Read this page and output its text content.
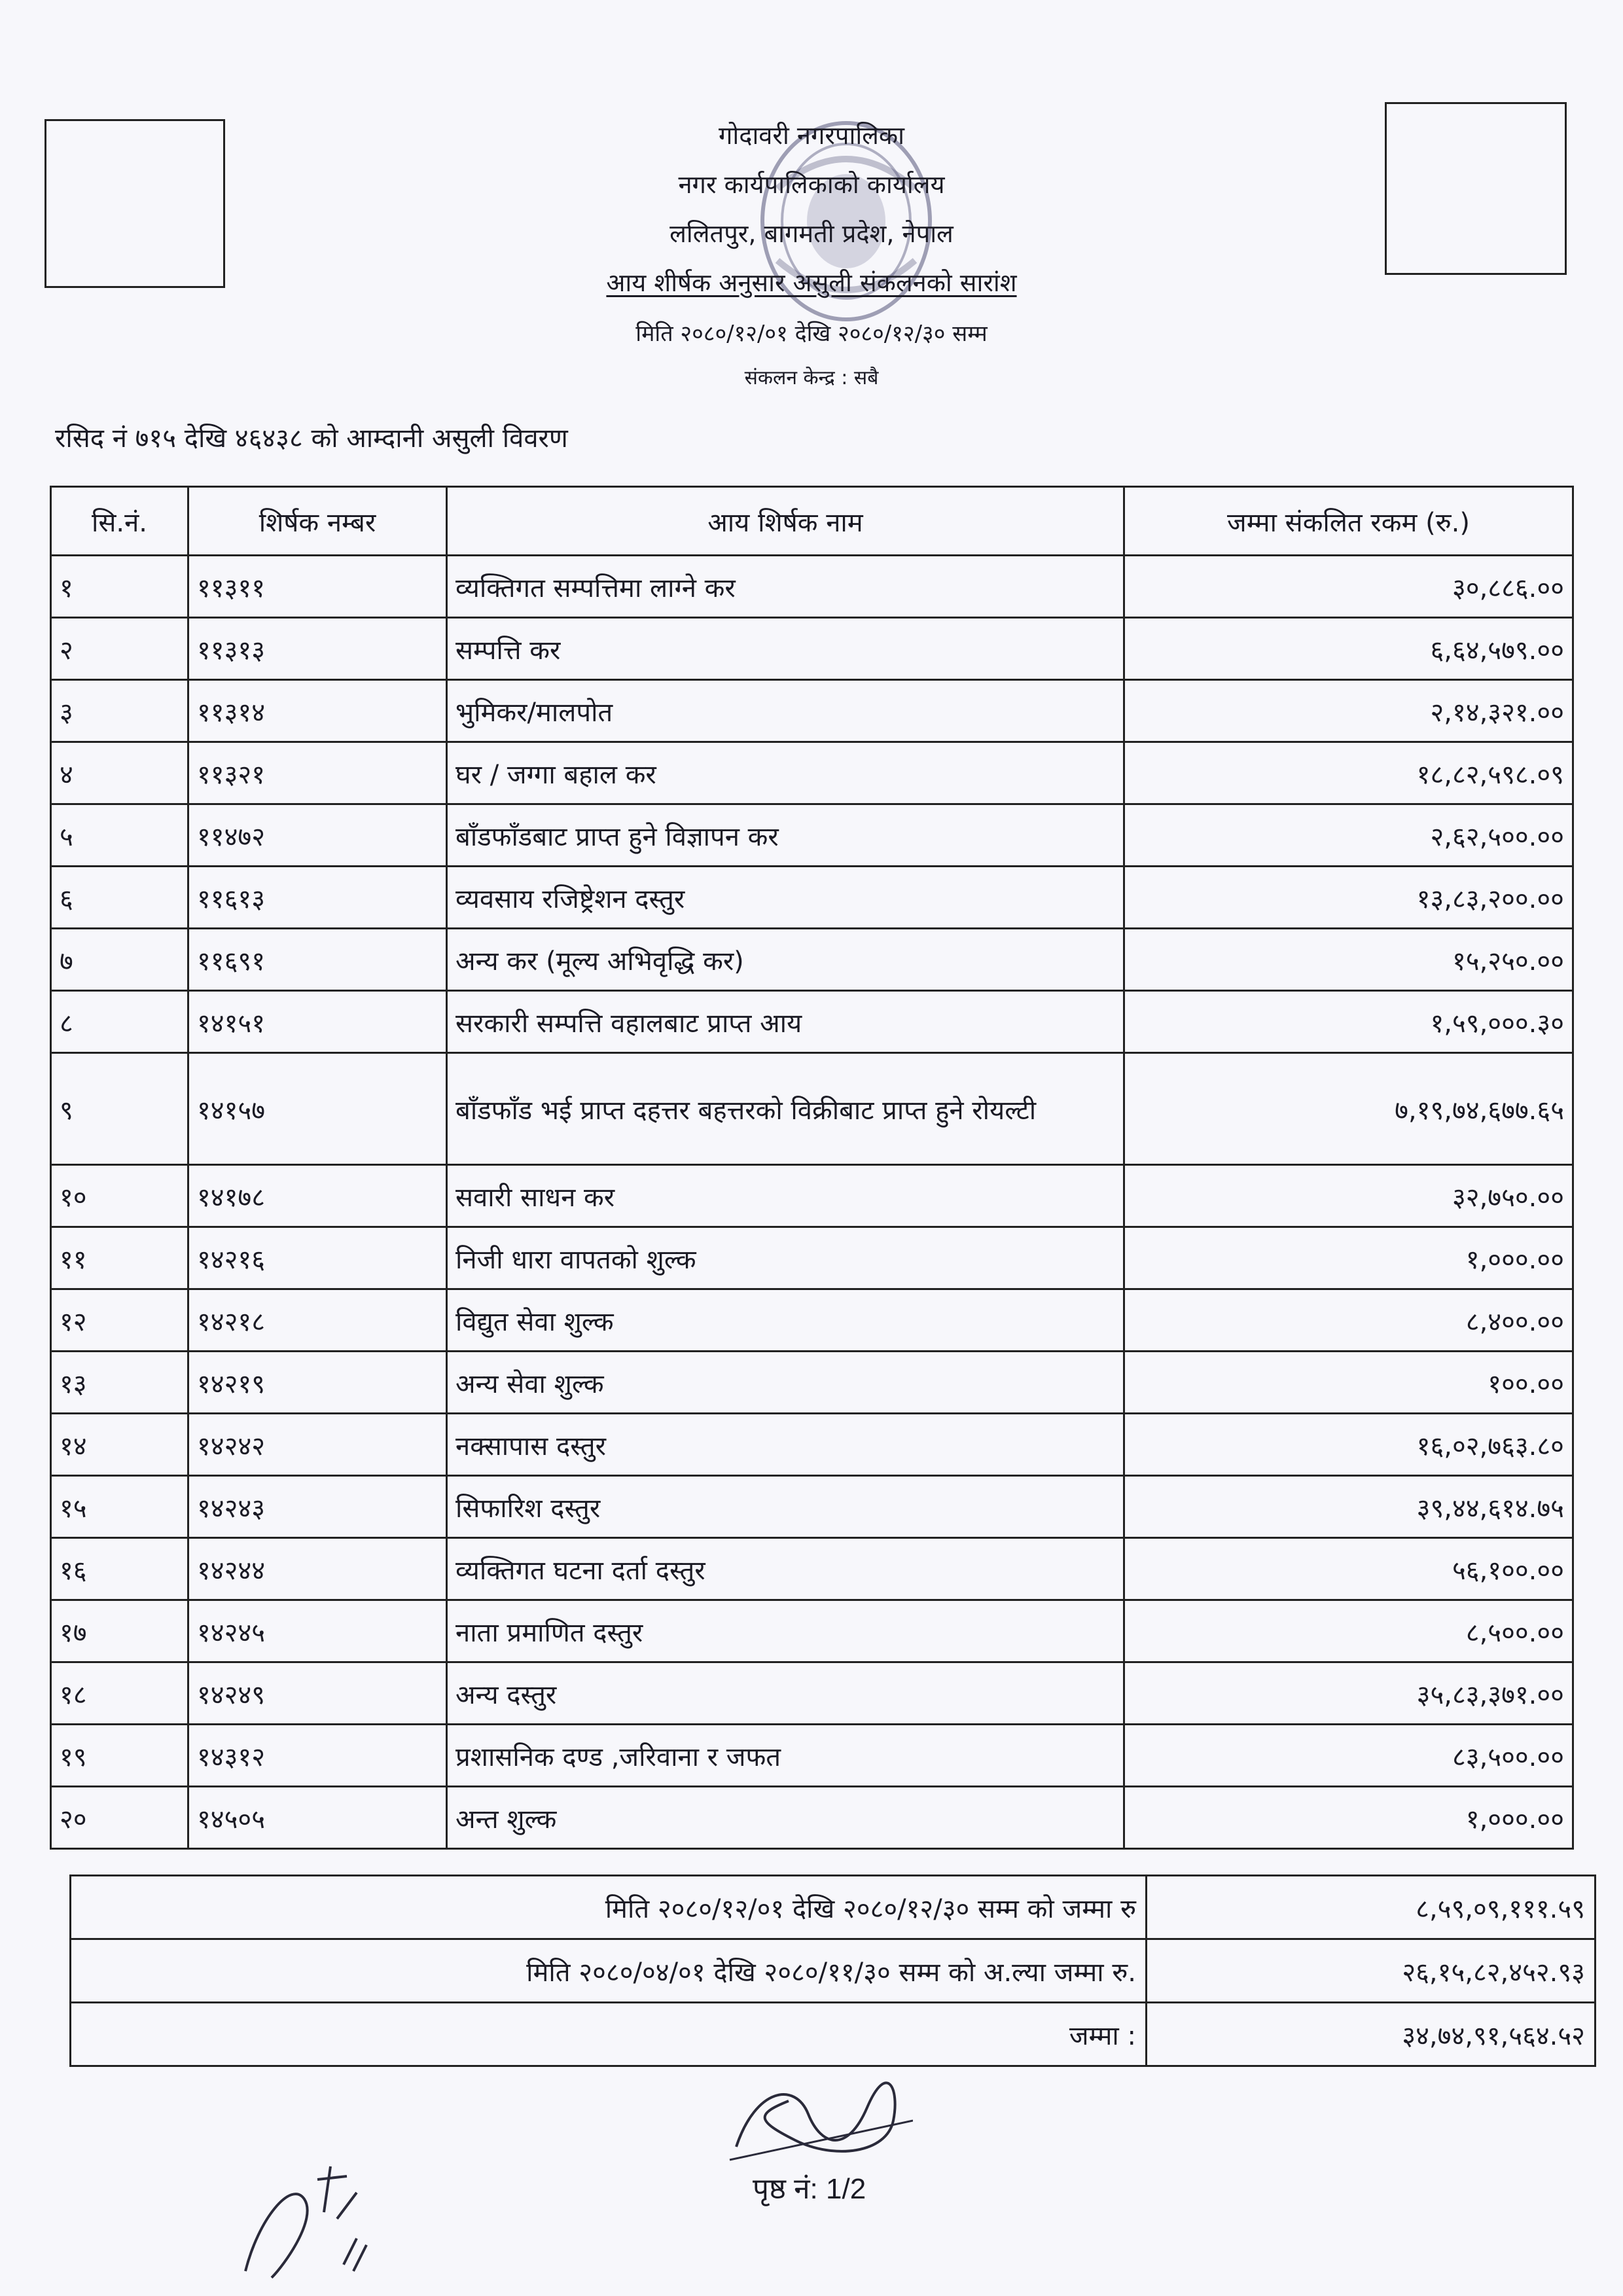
गोदावरी नगरपालिका
नगर कार्यपालिकाको कार्यालय
ललितपुर, बागमती प्रदेश, नेपाल
आय शीर्षक अनुसार असुली संकलनको सारांश
मिति २०८०/१२/०१ देखि २०८०/१२/३० सम्म
संकलन केन्द्र : सबै
रसिद नं ७१५ देखि ४६४३८ को आम्दानी असुली विवरण
सि.नं.	शिर्षक नम्बर	आय शिर्षक नाम	जम्मा संकलित रकम (रु.)
१	११३११	व्यक्तिगत सम्पत्तिमा लाग्ने कर	३०,८८६.००
२	११३१३	सम्पत्ति कर	६,६४,५७९.००
३	११३१४	भुमिकर/मालपोत	२,१४,३२१.००
४	११३२१	घर / जग्गा बहाल कर	१८,८२,५९८.०९
५	११४७२	बाँडफाँडबाट प्राप्त हुने विज्ञापन कर	२,६२,५००.००
६	११६१३	व्यवसाय रजिष्ट्रेशन दस्तुर	१३,८३,२००.००
७	११६९१	अन्य कर (मूल्य अभिवृद्धि कर)	१५,२५०.००
८	१४१५१	सरकारी सम्पत्ति वहालबाट प्राप्त आय	१,५९,०००.३०
९	१४१५७	बाँडफाँड भई प्राप्त दहत्तर बहत्तरको विक्रीबाट प्राप्त हुने रोयल्टी	७,१९,७४,६७७.६५
१०	१४१७८	सवारी साधन कर	३२,७५०.००
११	१४२१६	निजी धारा वापतको शुल्क	१,०००.००
१२	१४२१८	विद्युत सेवा शुल्क	८,४००.००
१३	१४२१९	अन्य सेवा शुल्क	१००.००
१४	१४२४२	नक्सापास दस्तुर	१६,०२,७६३.८०
१५	१४२४३	सिफारिश दस्तुर	३९,४४,६१४.७५
१६	१४२४४	व्यक्तिगत घटना दर्ता दस्तुर	५६,१००.००
१७	१४२४५	नाता प्रमाणित दस्तुर	८,५००.००
१८	१४२४९	अन्य दस्तुर	३५,८३,३७१.००
१९	१४३१२	प्रशासनिक दण्ड ,जरिवाना र जफत	८३,५००.००
२०	१४५०५	अन्त शुल्क	१,०००.००
मिति २०८०/१२/०१ देखि २०८०/१२/३० सम्म को जम्मा रु	८,५९,०९,१११.५९
मिति २०८०/०४/०१ देखि २०८०/११/३० सम्म को अ.ल्या जम्मा रु.	२६,१५,८२,४५२.९३
जम्मा :	३४,७४,९१,५६४.५२
पृष्ठ नं: 1/2
